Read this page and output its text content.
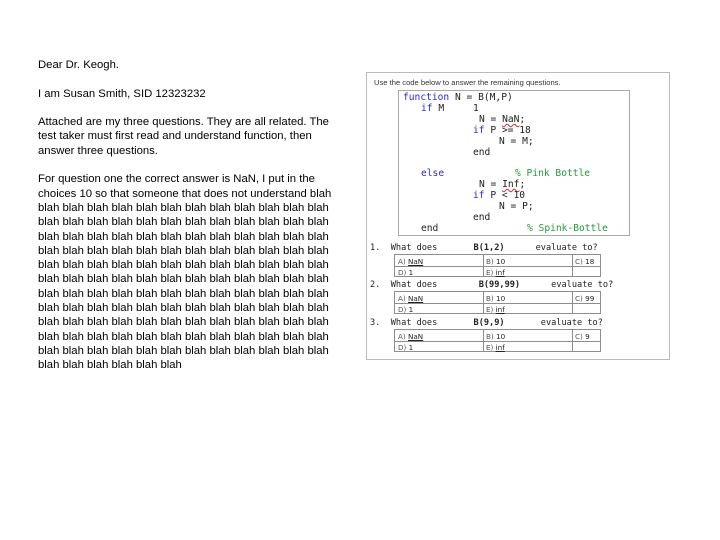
Dear Dr. Keogh.

I am Susan Smith, SID 12323232

Attached are my three questions. They are all related. The test taker must first read and understand function, then answer three questions.

For question one the correct answer is NaN, I put in the choices 10 so that someone that does not understand blah blah blah blah blah blah blah blah blah blah blah blah blah blah blah blah blah blah blah blah blah blah blah blah blah blah blah blah blah blah blah blah blah blah blah blah blah blah blah blah blah blah blah blah blah blah blah blah blah blah blah blah blah blah blah blah blah blah blah blah blah blah blah blah blah blah blah blah blah blah blah blah blah blah blah blah blah blah blah blah blah blah blah blah blah blah blah blah blah blah blah blah blah blah blah blah blah blah blah blah blah blah blah blah blah blah blah blah blah blah blah blah blah blah blah blah blah blah blah blah blah blah blah blah blah blah blah blah blah blah blah blah blah blah blah blah blah blah blah

Use the code below to answer the remaining questions.
function N = B(M,P)
if M     1
N = NaN;
if P >= 18
N = M;
end
else	% Pink Bottle
N = Inf;
if P < 10
N = P;
end
end	% Spink-Bottle
1. What does	B(1,2)	evaluate to?
A) NaN	B) 10	C) 18
D) 1	E) inf
2. What does	B(99,99)	evaluate to?
A) NaN	B) 10	C) 99
D) 1	E) inf
3. What does	B(9,9)	evaluate to?
A) NaN	B) 10	C) 9
D) 1	E) inf
